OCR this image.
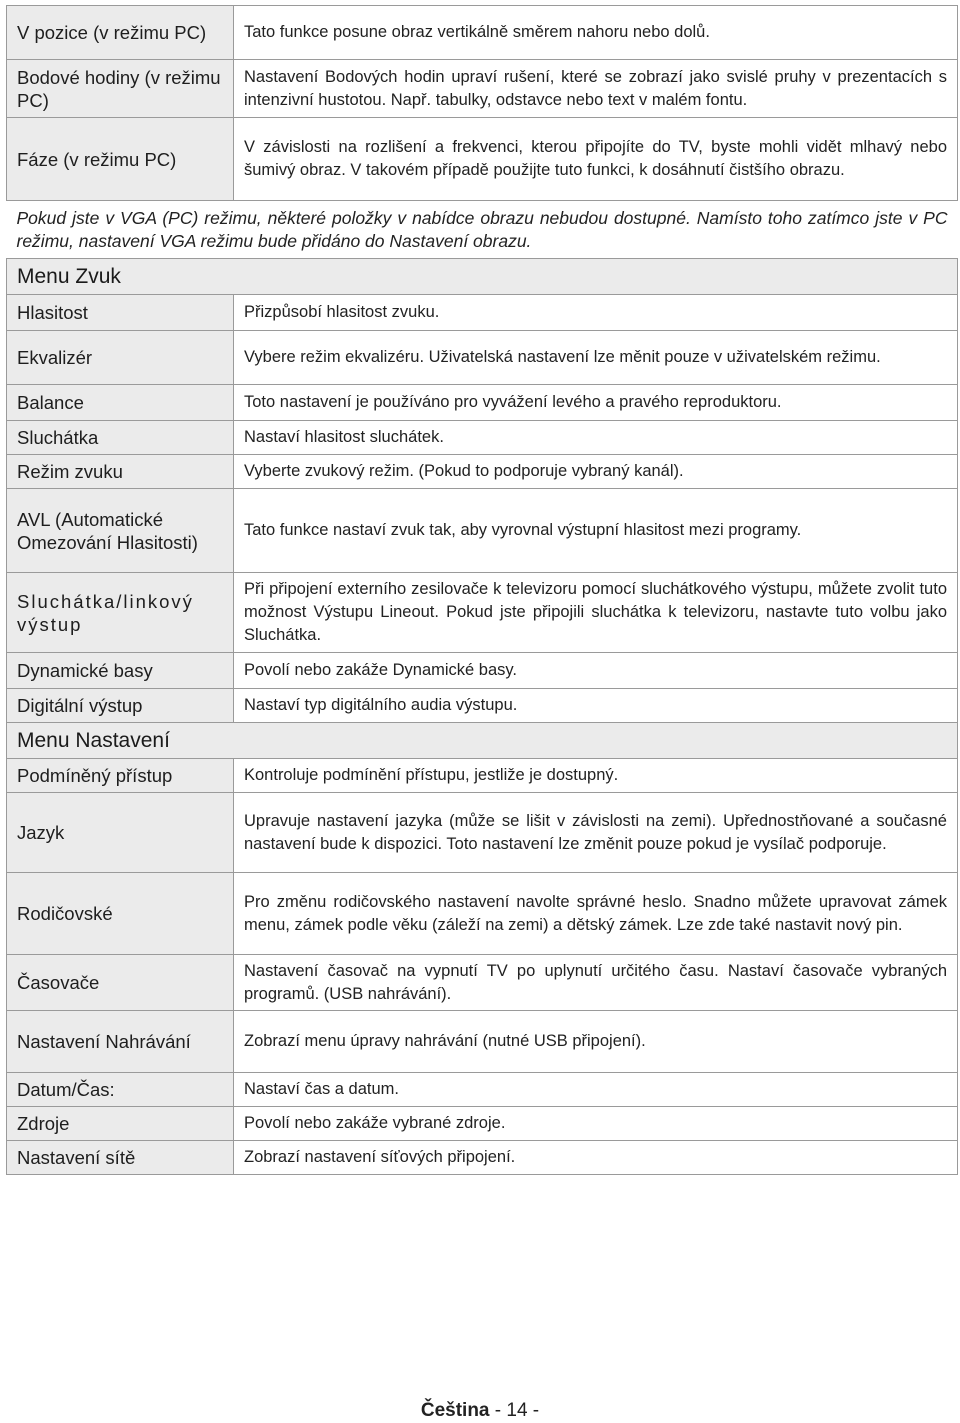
V pozice (v režimu PC)	Tato funkce posune obraz vertikálně směrem nahoru nebo dolů.
Bodové hodiny (v režimu PC)	Nastavení Bodových hodin upraví rušení, které se zobrazí jako svislé pruhy v prezentacích s intenzivní hustotou. Např. tabulky, odstavce nebo text v malém fontu.
Fáze (v režimu PC)	V závislosti na rozlišení a frekvenci, kterou připojíte do TV, byste mohli vidět mlhavý nebo šumivý obraz. V takovém případě použijte tuto funkci, k dosáhnutí čistšího obrazu.
Pokud jste v VGA (PC) režimu, některé položky v nabídce obrazu nebudou dostupné. Namísto toho zatímco jste v PC režimu, nastavení VGA režimu bude přidáno do Nastavení obrazu.	
Menu Zvuk	
Hlasitost	Přizpůsobí hlasitost zvuku.
Ekvalizér	Vybere režim ekvalizéru. Uživatelská nastavení lze měnit pouze v uživatelském režimu.
Balance	Toto nastavení je používáno pro vyvážení levého a pravého reproduktoru.
Sluchátka	Nastaví hlasitost sluchátek.
Režim zvuku	Vyberte zvukový režim. (Pokud to podporuje vybraný kanál).
AVL (Automatické Omezování Hlasitosti)	Tato funkce nastaví zvuk tak, aby vyrovnal výstupní hlasitost mezi programy.
Sluchátka/linkový výstup	Při připojení externího zesilovače k televizoru pomocí sluchátkového výstupu, můžete zvolit tuto možnost Výstupu Lineout. Pokud jste připojili sluchátka k televizoru, nastavte tuto volbu jako Sluchátka.
Dynamické basy	Povolí nebo zakáže Dynamické basy.
Digitální výstup	Nastaví typ digitálního audia výstupu.
Menu Nastavení	
Podmíněný přístup	Kontroluje podmínění přístupu, jestliže je dostupný.
Jazyk	Upravuje nastavení jazyka (může se lišit v závislosti na zemi). Upřednostňované a současné nastavení bude k dispozici. Toto nastavení lze změnit pouze pokud je vysílač podporuje.
Rodičovské	Pro změnu rodičovského nastavení navolte správné heslo. Snadno můžete upravovat zámek menu, zámek podle věku (záleží na zemi) a dětský zámek. Lze zde také nastavit nový pin.
Časovače	Nastavení časovač na vypnutí TV po uplynutí určitého času. Nastaví časovače vybraných programů. (USB nahrávání).
Nastavení Nahrávání	Zobrazí menu úpravy nahrávání (nutné USB připojení).
Datum/Čas:	Nastaví čas a datum.
Zdroje	Povolí nebo zakáže vybrané zdroje.
Nastavení sítě	Zobrazí nastavení síťových připojení.
Čeština - 14 -
